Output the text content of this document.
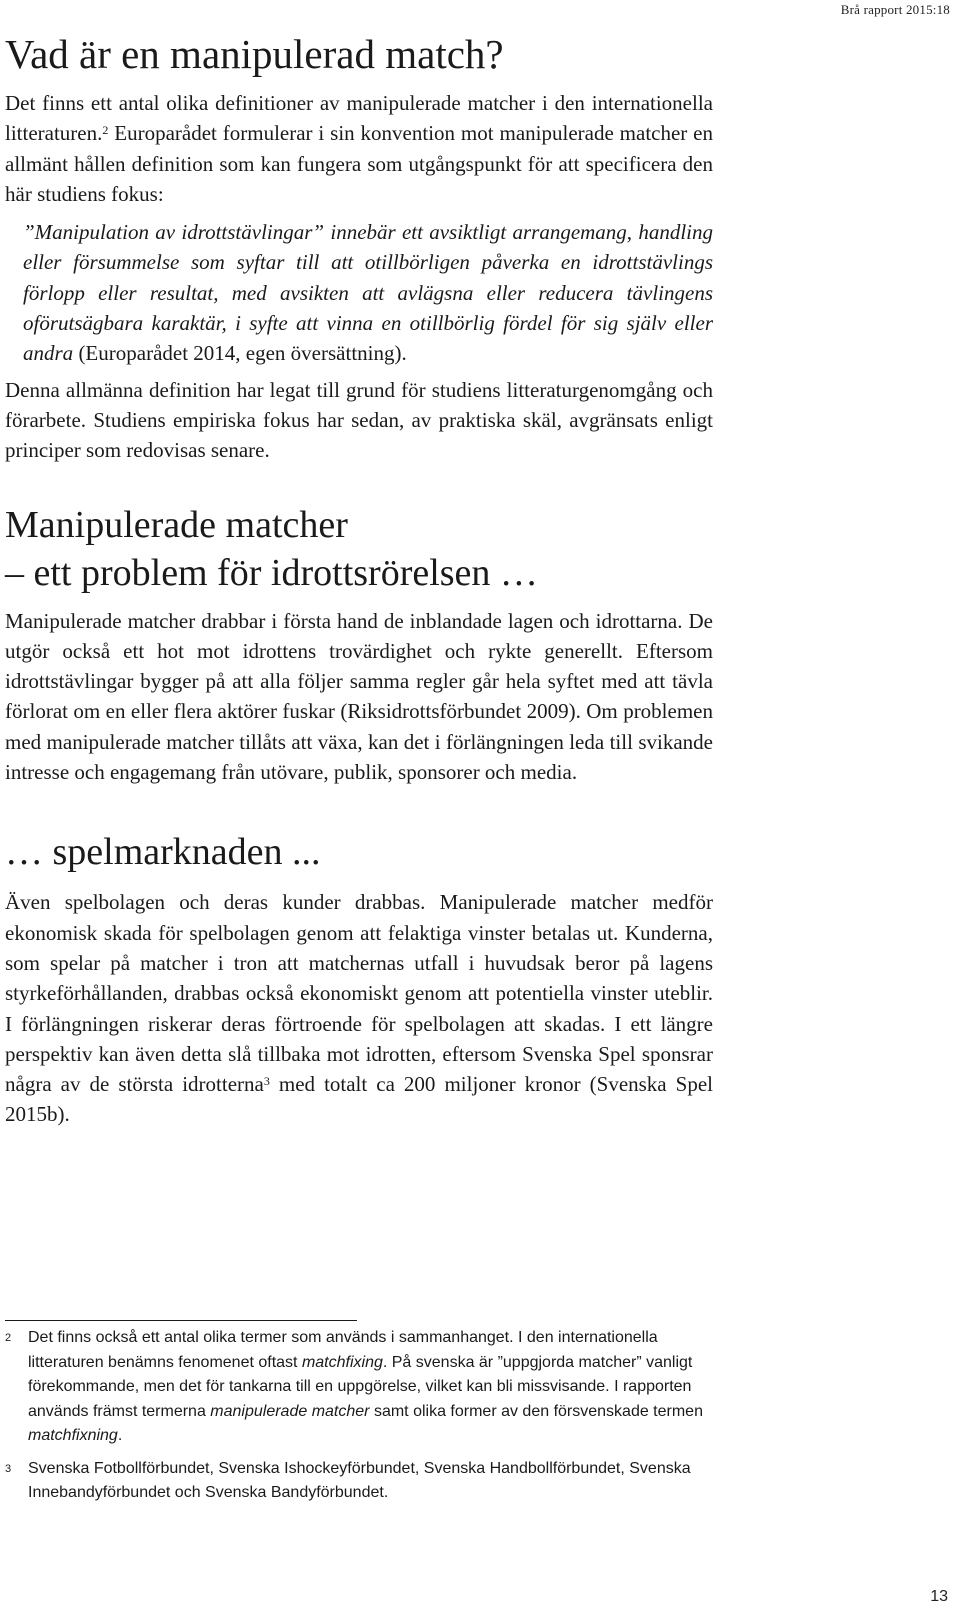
Brå rapport 2015:18
Vad är en manipulerad match?

Det finns ett antal olika definitioner av manipulerade matcher i den internationella litteraturen.$^2$ Europarådet formulerar i sin konvention mot manipulerade matcher en allmänt hållen definition som kan fungera som utgångspunkt för att specificera den här studiens fokus:

”Manipulation av idrottstävlingar” innebär ett avsiktligt arrangemang, handling eller försummelse som syftar till att otillbörligen påverka en idrottstävlings förlopp eller resultat, med avsikten att avlägsna eller reducera tävlingens oförutsägbara karaktär, i syfte att vinna en otillbörlig fördel för sig själv eller andra (Europarådet 2014, egen översättning).

Denna allmänna definition har legat till grund för studiens litteraturgenomgång och förarbete. Studiens empiriska fokus har sedan, av praktiska skäl, avgränsats enligt principer som redovisas senare.

Manipulerade matcher
– ett problem för idrottsrörelsen …

Manipulerade matcher drabbar i första hand de inblandade lagen och idrottarna. De utgör också ett hot mot idrottens trovärdighet och rykte generellt. Eftersom idrottstävlingar bygger på att alla följer samma regler går hela syftet med att tävla förlorat om en eller flera aktörer fuskar (Riksidrottsförbundet 2009). Om problemen med manipulerade matcher tillåts att växa, kan det i förlängningen leda till svikande intresse och engagemang från utövare, publik, sponsorer och media.

… spelmarknaden ...

Även spelbolagen och deras kunder drabbas. Manipulerade matcher medför ekonomisk skada för spelbolagen genom att felaktiga vinster betalas ut. Kunderna, som spelar på matcher i tron att matchernas utfall i huvudsak beror på lagens styrkeförhållanden, drabbas också ekonomiskt genom att potentiella vinster uteblir. I förlängningen riskerar deras förtroende för spelbolagen att skadas. I ett längre perspektiv kan även detta slå tillbaka mot idrotten, eftersom Svenska Spel sponsrar några av de största idrotterna$^3$ med totalt ca 200 miljoner kronor (Svenska Spel 2015b).

2	Det finns också ett antal olika termer som används i sammanhanget. I den internationella litteraturen benämns fenomenet oftast matchfixing. På svenska är ”uppgjorda matcher” vanligt förekommande, men det för tankarna till en uppgörelse, vilket kan bli missvisande. I rapporten används främst termerna manipulerade matcher samt olika former av den försvenskade termen matchfixning.
3	Svenska Fotbollförbundet, Svenska Ishockeyförbundet, Svenska Handbollförbundet, Svenska Innebandyförbundet och Svenska Bandyförbundet.
13
